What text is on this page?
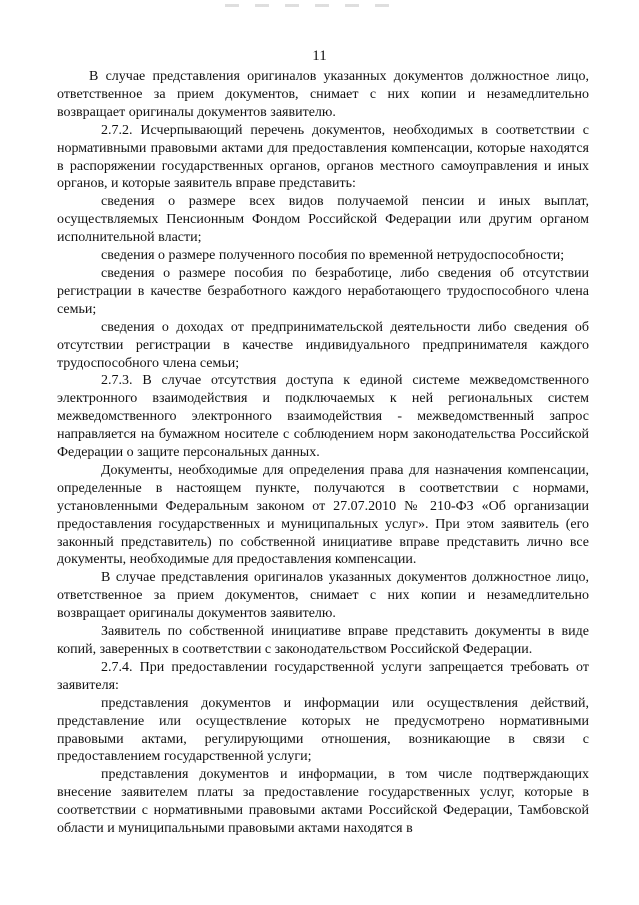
11

В случае представления оригиналов указанных документов должностное лицо, ответственное за прием документов, снимает с них копии и незамедлительно возвращает оригиналы документов заявителю.

2.7.2. Исчерпывающий перечень документов, необходимых в соответствии с нормативными правовыми актами для предоставления компенсации, которые находятся в распоряжении государственных органов, органов местного самоуправления и иных органов, и которые заявитель вправе представить:

сведения о размере всех видов получаемой пенсии и иных выплат, осуществляемых Пенсионным Фондом Российской Федерации или другим органом исполнительной власти;

сведения о размере полученного пособия по временной нетрудоспособности;

сведения о размере пособия по безработице, либо сведения об отсутствии регистрации в качестве безработного каждого неработающего трудоспособного члена семьи;

сведения о доходах от предпринимательской деятельности либо сведения об отсутствии регистрации в качестве индивидуального предпринимателя каждого трудоспособного члена семьи;

2.7.3. В случае отсутствия доступа к единой системе межведомственного электронного взаимодействия и подключаемых к ней региональных систем межведомственного электронного взаимодействия - межведомственный запрос направляется на бумажном носителе с соблюдением норм законодательства Российской Федерации о защите персональных данных.

Документы, необходимые для определения права для назначения компенсации, определенные в настоящем пункте, получаются в соответствии с нормами, установленными Федеральным законом от 27.07.2010 № 210-ФЗ «Об организации предоставления государственных и муниципальных услуг». При этом заявитель (его законный представитель) по собственной инициативе вправе представить лично все документы, необходимые для предоставления компенсации.

В случае представления оригиналов указанных документов должностное лицо, ответственное за прием документов, снимает с них копии и незамедлительно возвращает оригиналы документов заявителю.

Заявитель по собственной инициативе вправе представить документы в виде копий, заверенных в соответствии с законодательством Российской Федерации.

2.7.4. При предоставлении государственной услуги запрещается требовать от заявителя:

представления документов и информации или осуществления действий, представление или осуществление которых не предусмотрено нормативными правовыми актами, регулирующими отношения, возникающие в связи с предоставлением государственной услуги;

представления документов и информации, в том числе подтверждающих внесение заявителем платы за предоставление государственных услуг, которые в соответствии с нормативными правовыми актами Российской Федерации, Тамбовской области и муниципальными правовыми актами находятся в
